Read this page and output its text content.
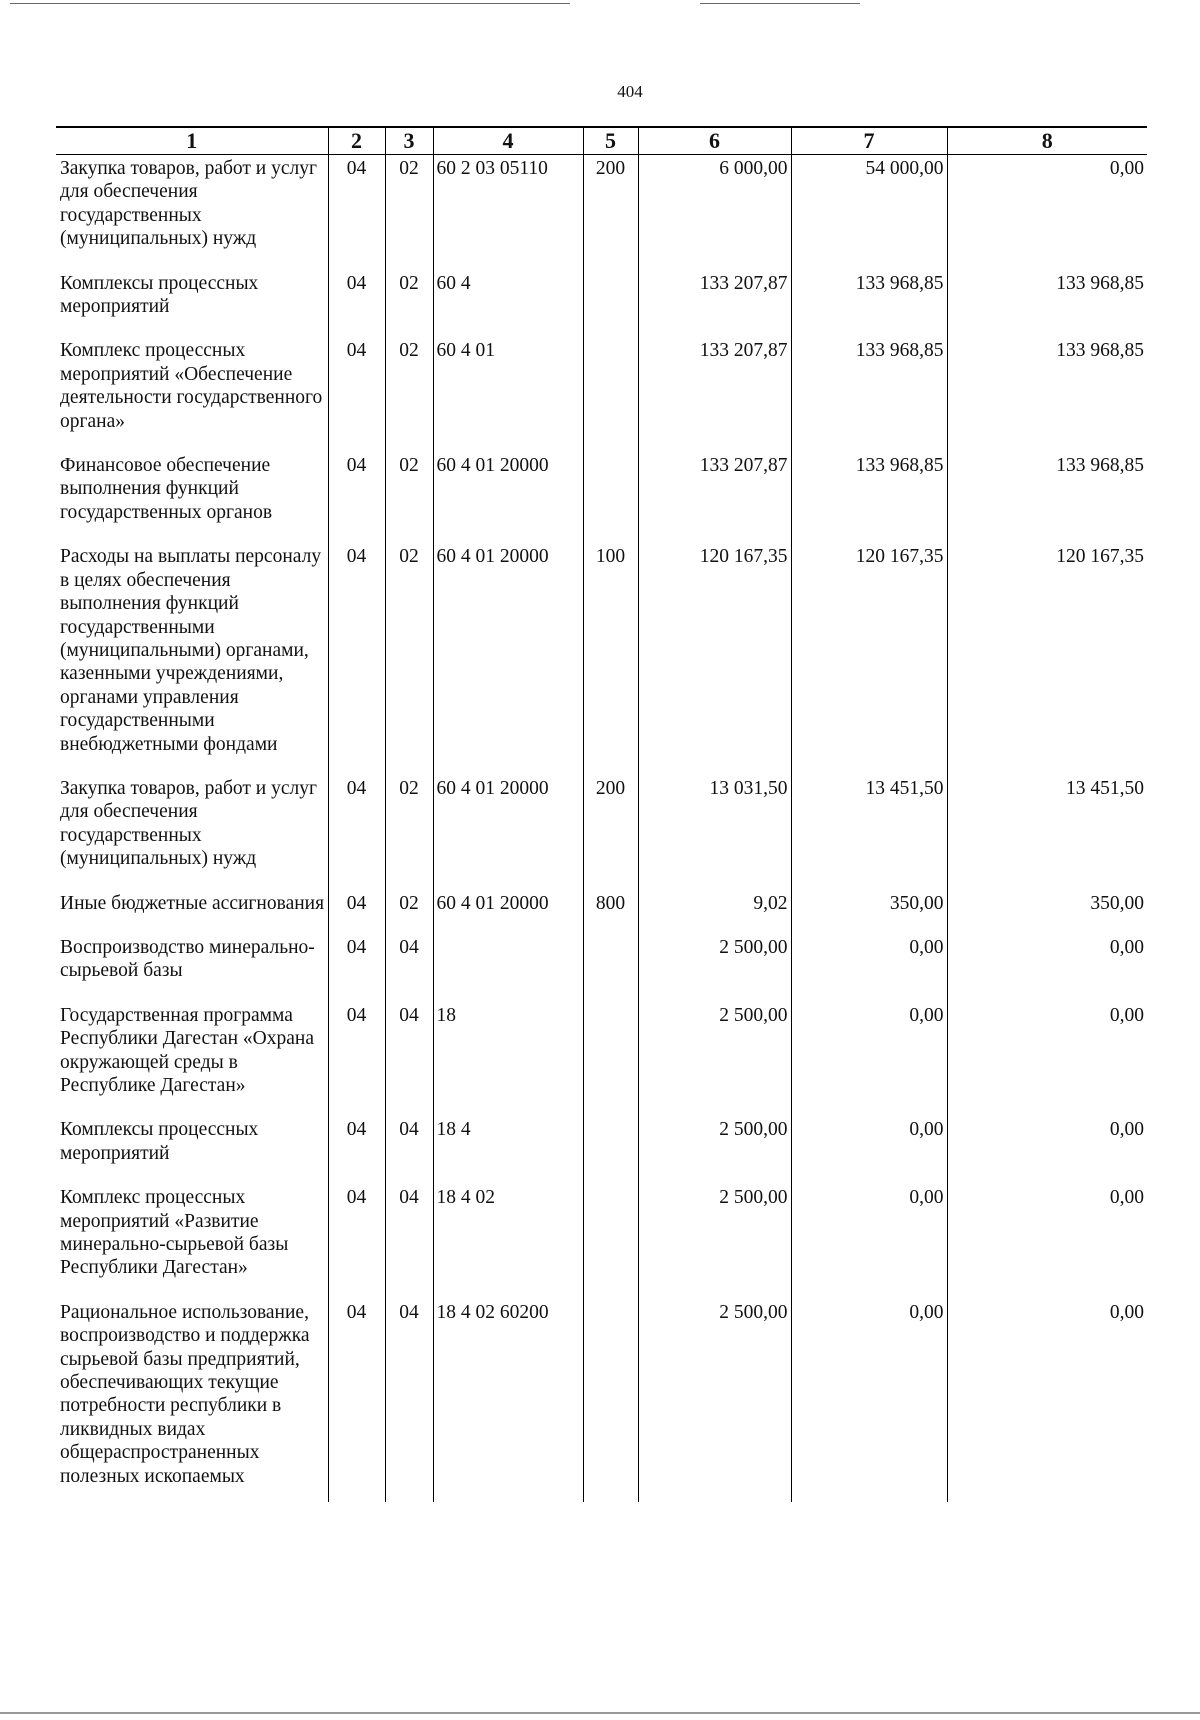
404
1	2	3	4	5	6	7	8
Закупка товаров, работ и услуг для обеспечения государственных (муниципальных) нужд	04	02	60 2 03 05110	200	6 000,00	54 000,00	0,00
Комплексы процессных мероприятий	04	02	60 4		133 207,87	133 968,85	133 968,85
Комплекс процессных мероприятий «Обеспечение деятельности государственного органа»	04	02	60 4 01		133 207,87	133 968,85	133 968,85
Финансовое обеспечение выполнения функций государственных органов	04	02	60 4 01 20000		133 207,87	133 968,85	133 968,85
Расходы на выплаты персоналу в целях обеспечения выполнения функций государственными (муниципальными) органами, казенными учреждениями, органами управления государственными внебюджетными фондами	04	02	60 4 01 20000	100	120 167,35	120 167,35	120 167,35
Закупка товаров, работ и услуг для обеспечения государственных (муниципальных) нужд	04	02	60 4 01 20000	200	13 031,50	13 451,50	13 451,50
Иные бюджетные ассигнования	04	02	60 4 01 20000	800	9,02	350,00	350,00
Воспроизводство минерально-сырьевой базы	04	04			2 500,00	0,00	0,00
Государственная программа Республики Дагестан «Охрана окружающей среды в Республике Дагестан»	04	04	18		2 500,00	0,00	0,00
Комплексы процессных мероприятий	04	04	18 4		2 500,00	0,00	0,00
Комплекс процессных мероприятий «Развитие минерально-сырьевой базы Республики Дагестан»	04	04	18 4 02		2 500,00	0,00	0,00
Рациональное использование, воспроизводство и поддержка сырьевой базы предприятий, обеспечивающих текущие потребности республики в ликвидных видах общераспространенных полезных ископаемых	04	04	18 4 02 60200		2 500,00	0,00	0,00
